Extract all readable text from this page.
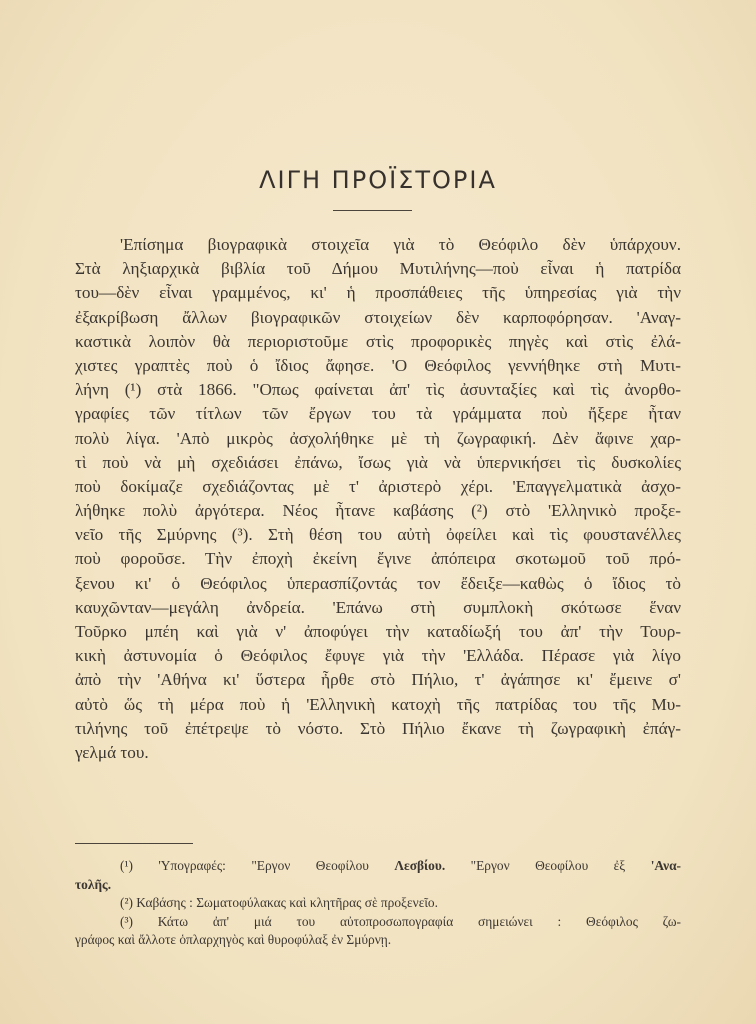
ΛΙΓΗ ΠΡΟΪΣΤΟΡΙΑ
'Επίσημα βιογραφικὰ στοιχεῖα γιὰ τὸ Θεόφιλο δὲν ὑπάρχουν.
Στὰ ληξιαρχικὰ βιβλία τοῦ Δήμου Μυτιλήνης—ποὺ εἶναι ἡ πατρίδα
του—δὲν εἶναι γραμμένος, κι' ἡ προσπάθειες τῆς ὑπηρεσίας γιὰ τὴν
ἐξακρίβωση ἄλλων βιογραφικῶν στοιχείων δὲν καρποφόρησαν. 'Αναγ-
καστικὰ λοιπὸν θὰ περιοριστοῦμε στὶς προφορικὲς πηγὲς καὶ στὶς ἐλά-
χιστες γραπτὲς ποὺ ὁ ἴδιος ἄφησε. 'Ο Θεόφιλος γεννήθηκε στὴ Μυτι-
λήνη (¹) στὰ 1866. "Οπως φαίνεται ἀπ' τὶς ἀσυνταξίες καὶ τὶς ἀνορθο-
γραφίες τῶν τίτλων τῶν ἔργων του τὰ γράμματα ποὺ ἤξερε ἦταν
πολὺ λίγα. 'Απὸ μικρὸς ἀσχολήθηκε μὲ τὴ ζωγραφική. Δὲν ἄφινε χαρ-
τὶ ποὺ νὰ μὴ σχεδιάσει ἐπάνω, ἴσως γιὰ νὰ ὑπερνικήσει τὶς δυσκολίες
ποὺ δοκίμαζε σχεδιάζοντας μὲ τ' ἀριστερὸ χέρι. 'Επαγγελματικὰ ἀσχο-
λήθηκε πολὺ ἀργότερα. Νέος ἦτανε καβάσης (²) στὸ 'Ελληνικὸ προξε-
νεῖο τῆς Σμύρνης (³). Στὴ θέση του αὐτὴ ὀφείλει καὶ τὶς φουστανέλλες
ποὺ φοροῦσε. Τὴν ἐποχὴ ἐκείνη ἔγινε ἀπόπειρα σκοτωμοῦ τοῦ πρό-
ξενου κι' ὁ Θεόφιλος ὑπερασπίζοντάς τον ἔδειξε—καθὼς ὁ ἴδιος τὸ
καυχῶνταν—μεγάλη ἀνδρεία. 'Επάνω στὴ συμπλοκὴ σκότωσε ἕναν
Τοῦρκο μπέη καὶ γιὰ ν' ἀποφύγει τὴν καταδίωξή του ἀπ' τὴν Τουρ-
κικὴ ἀστυνομία ὁ Θεόφιλος ἔφυγε γιὰ τὴν 'Ελλάδα. Πέρασε γιὰ λίγο
ἀπὸ τὴν 'Αθήνα κι' ὕστερα ἦρθε στὸ Πήλιο, τ' ἀγάπησε κι' ἔμεινε σ'
αὐτὸ ὥς τὴ μέρα ποὺ ἡ 'Ελληνικὴ κατοχὴ τῆς πατρίδας του τῆς Μυ-
τιλήνης τοῦ ἐπέτρεψε τὸ νόστο. Στὸ Πήλιο ἔκανε τὴ ζωγραφικὴ ἐπάγ-
γελμά του.
(¹) 'Υπογραφές: "Εργον Θεοφίλου Λεσβίου. "Εργον Θεοφίλου ἐξ 'Ανα-
τολῆς.
(²) Καβάσης : Σωματοφύλακας καὶ κλητῆρας σὲ προξενεῖο.
(³) Κάτω ἀπ' μιά του αὐτοπροσωπογραφία σημειώνει : Θεόφιλος ζω-
γράφος καὶ ἄλλοτε ὁπλαρχηγὸς καὶ θυροφύλαξ ἐν Σμύρνῃ.
